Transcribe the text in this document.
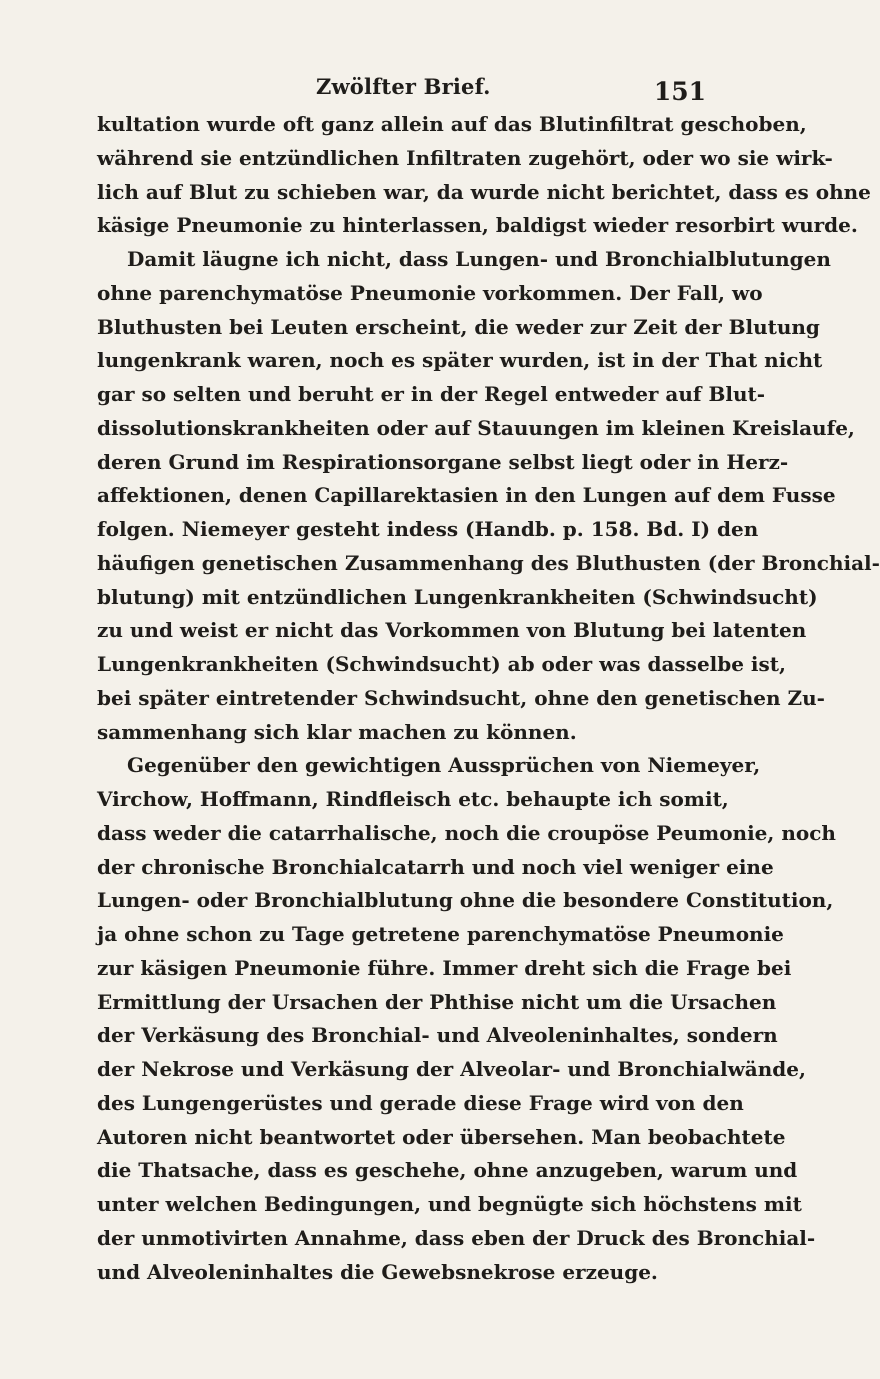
Zwölfter Brief.	151

kultation wurde oft ganz allein auf das Blutinfiltrat geschoben,
während sie entzündlichen Infiltraten zugehört, oder wo sie wirk-
lich auf Blut zu schieben war, da wurde nicht berichtet, dass es ohne
käsige Pneumonie zu hinterlassen, baldigst wieder resorbirt wurde.

Damit läugne ich nicht, dass Lungen- und Bronchialblutungen
ohne parenchymatöse Pneumonie vorkommen. Der Fall, wo
Bluthusten bei Leuten erscheint, die weder zur Zeit der Blutung
lungenkrank waren, noch es später wurden, ist in der That nicht
gar so selten und beruht er in der Regel entweder auf Blut-
dissolutionskrankheiten oder auf Stauungen im kleinen Kreislaufe,
deren Grund im Respirationsorgane selbst liegt oder in Herz-
affektionen, denen Capillarektasien in den Lungen auf dem Fusse
folgen. Niemeyer gesteht indess (Handb. p. 158. Bd. I) den
häufigen genetischen Zusammenhang des Bluthusten (der Bronchial-
blutung) mit entzündlichen Lungenkrankheiten (Schwindsucht)
zu und weist er nicht das Vorkommen von Blutung bei latenten
Lungenkrankheiten (Schwindsucht) ab oder was dasselbe ist,
bei später eintretender Schwindsucht, ohne den genetischen Zu-
sammenhang sich klar machen zu können.

Gegenüber den gewichtigen Aussprüchen von Niemeyer,
Virchow, Hoffmann, Rindfleisch etc. behaupte ich somit,
dass weder die catarrhalische, noch die croupöse Peumonie, noch
der chronische Bronchialcatarrh und noch viel weniger eine
Lungen- oder Bronchialblutung ohne die besondere Constitution,
ja ohne schon zu Tage getretene parenchymatöse Pneumonie
zur käsigen Pneumonie führe. Immer dreht sich die Frage bei
Ermittlung der Ursachen der Phthise nicht um die Ursachen
der Verkäsung des Bronchial- und Alveoleninhaltes, sondern
der Nekrose und Verkäsung der Alveolar- und Bronchialwände,
des Lungengerüstes und gerade diese Frage wird von den
Autoren nicht beantwortet oder übersehen. Man beobachtete
die Thatsache, dass es geschehe, ohne anzugeben, warum und
unter welchen Bedingungen, und begnügte sich höchstens mit
der unmotivirten Annahme, dass eben der Druck des Bronchial-
und Alveoleninhaltes die Gewebsnekrose erzeuge.
